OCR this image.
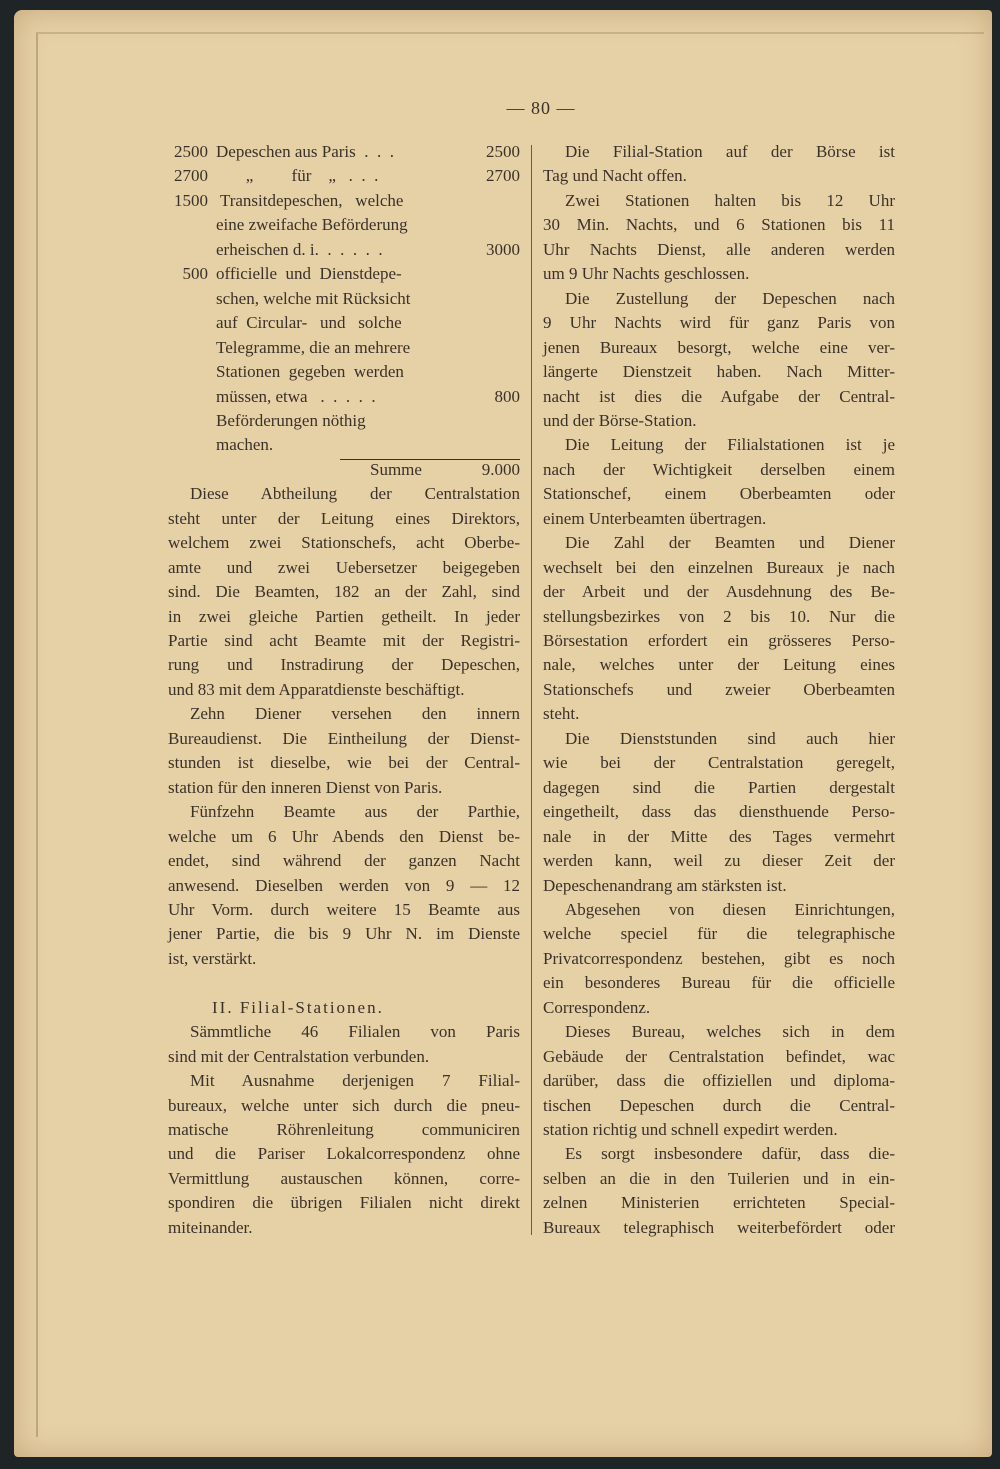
— 80 —
2500 Depeschen aus Paris  .  .  .	2500
2700 „         für    „   .  .  .	2700
1500 Transitdepeschen,   welche
eine zweifache Beförderung
erheischen d. i.  .  .  .  .  .	3000
500 officielle  und  Dienstdepe-
schen, welche mit Rücksicht
auf  Circular-   und   solche
Telegramme, die an mehrere
Stationen  gegeben  werden
müssen, etwa   .  .  .  .  .	800
Beförderungen nöthig
machen.
Summe	9.000
Diese Abtheilung der Centralstation
steht unter der Leitung eines Direktors,
welchem zwei Stationschefs, acht Oberbe-
amte und zwei Uebersetzer beigegeben
sind. Die Beamten, 182 an der Zahl, sind
in zwei gleiche Partien getheilt. In jeder
Partie sind acht Beamte mit der Registri-
rung und Instradirung der Depeschen,
und 83 mit dem Apparatdienste beschäftigt.
Zehn Diener versehen den innern
Bureaudienst. Die Eintheilung der Dienst-
stunden ist dieselbe, wie bei der Central-
station für den inneren Dienst von Paris.
Fünfzehn Beamte aus der Parthie,
welche um 6 Uhr Abends den Dienst be-
endet, sind während der ganzen Nacht
anwesend. Dieselben werden von 9 — 12
Uhr Vorm. durch weitere 15 Beamte aus
jener Partie, die bis 9 Uhr N. im Dienste
ist, verstärkt.
II. Filial-Stationen.
Sämmtliche 46 Filialen von Paris
sind mit der Centralstation verbunden.
Mit Ausnahme derjenigen 7 Filial-
bureaux, welche unter sich durch die pneu-
matische Röhrenleitung communiciren
und die Pariser Lokalcorrespondenz ohne
Vermittlung austauschen können, corre-
spondiren die übrigen Filialen nicht direkt
miteinander.
Die Filial-Station auf der Börse ist
Tag und Nacht offen.
Zwei Stationen halten bis 12 Uhr
30 Min. Nachts, und 6 Stationen bis 11
Uhr Nachts Dienst, alle anderen werden
um 9 Uhr Nachts geschlossen.
Die Zustellung der Depeschen nach
9 Uhr Nachts wird für ganz Paris von
jenen Bureaux besorgt, welche eine ver-
längerte Dienstzeit haben. Nach Mitter-
nacht ist dies die Aufgabe der Central-
und der Börse-Station.
Die Leitung der Filialstationen ist je
nach der Wichtigkeit derselben einem
Stationschef, einem Oberbeamten oder
einem Unterbeamten übertragen.
Die Zahl der Beamten und Diener
wechselt bei den einzelnen Bureaux je nach
der Arbeit und der Ausdehnung des Be-
stellungsbezirkes von 2 bis 10. Nur die
Börsestation erfordert ein grösseres Perso-
nale, welches unter der Leitung eines
Stationschefs und zweier Oberbeamten
steht.
Die Dienststunden sind auch hier
wie bei der Centralstation geregelt,
dagegen sind die Partien dergestalt
eingetheilt, dass das diensthuende Perso-
nale in der Mitte des Tages vermehrt
werden kann, weil zu dieser Zeit der
Depeschenandrang am stärksten ist.
Abgesehen von diesen Einrichtungen,
welche speciel für die telegraphische
Privatcorrespondenz bestehen, gibt es noch
ein besonderes Bureau für die officielle
Correspondenz.
Dieses Bureau, welches sich in dem
Gebäude der Centralstation befindet, wac
darüber, dass die offiziellen und diploma-
tischen Depeschen durch die Central-
station richtig und schnell expedirt werden.
Es sorgt insbesondere dafür, dass die-
selben an die in den Tuilerien und in ein-
zelnen Ministerien errichteten Special-
Bureaux telegraphisch weiterbefördert oder
